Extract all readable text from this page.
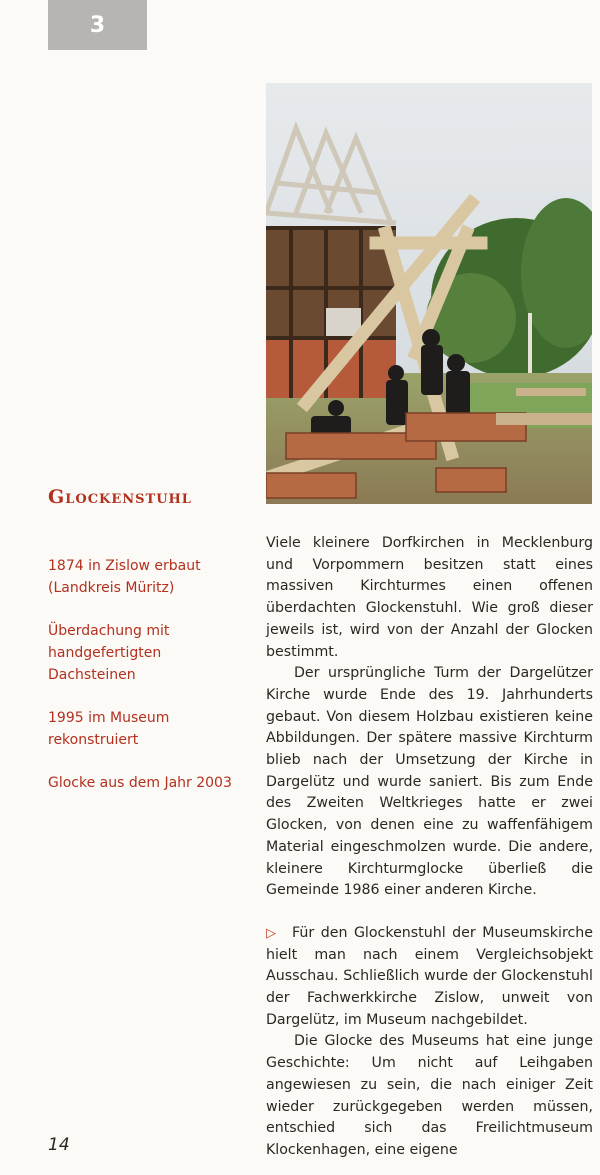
3
Glockenstuhl
1874 in Zislow erbaut (Landkreis Müritz)
Überdachung mit handgefertigten Dachsteinen
1995 im Museum rekonstruiert
Glocke aus dem Jahr 2003

Viele kleinere Dorfkirchen in Mecklenburg und Vorpommern besitzen statt eines massiven Kirchturmes einen offenen überdachten Glockenstuhl. Wie groß dieser jeweils ist, wird von der Anzahl der Glocken bestimmt.

Der ursprüngliche Turm der Dargelützer Kirche wurde Ende des 19. Jahrhunderts gebaut. Von diesem Holzbau existieren keine Abbildungen. Der spätere massive Kirchturm blieb nach der Umsetzung der Kirche in Dargelütz und wurde saniert. Bis zum Ende des Zweiten Weltkrieges hatte er zwei Glocken, von denen eine zu waffenfähigem Material eingeschmolzen wurde. Die andere, kleinere Kirchturmglocke überließ die Gemeinde 1986 einer anderen Kirche.

▷ Für den Glockenstuhl der Museumskirche hielt man nach einem Vergleichsobjekt Ausschau. Schließlich wurde der Glockenstuhl der Fachwerkkirche Zislow, unweit von Dargelütz, im Museum nachgebildet.

Die Glocke des Museums hat eine junge Geschichte: Um nicht auf Leihgaben angewiesen zu sein, die nach einiger Zeit wieder zurückgegeben werden müssen, entschied sich das Freilichtmuseum Klockenhagen, eine eigene

14
